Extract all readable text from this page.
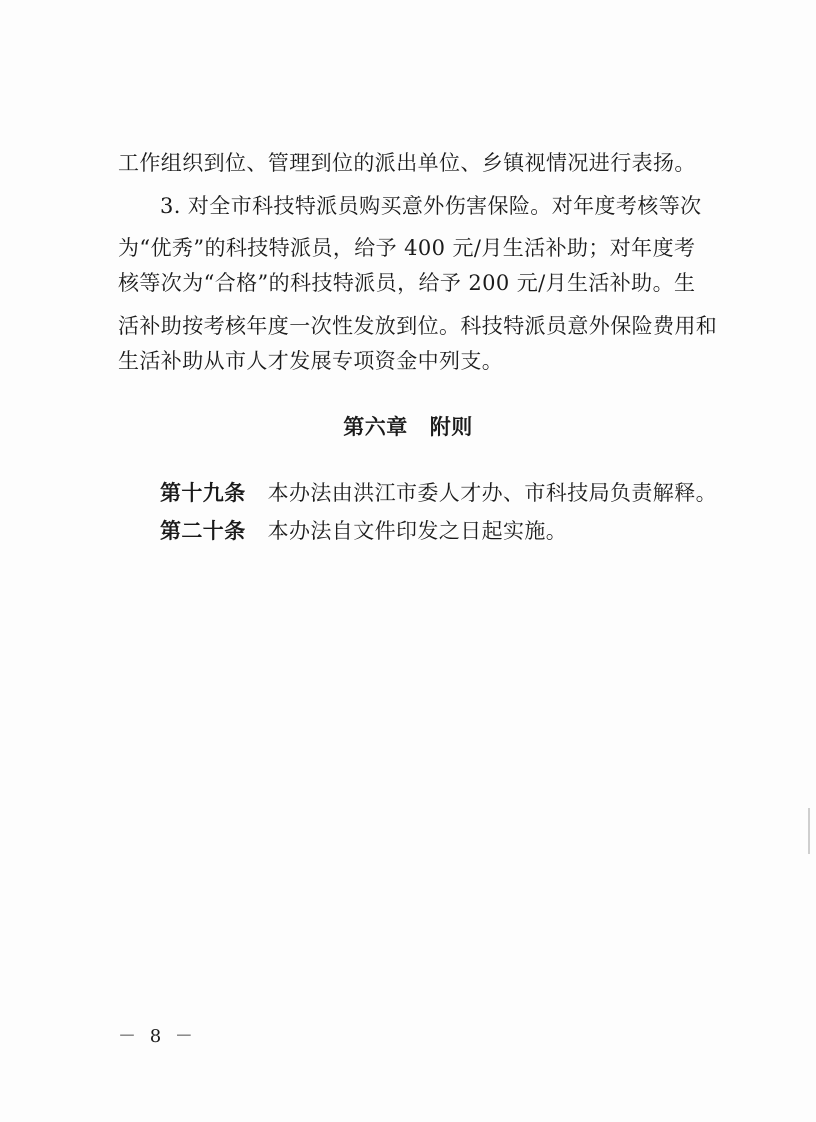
工作组织到位、管理到位的派出单位、乡镇视情况进行表扬。
3. 对全市科技特派员购买意外伤害保险。对年度考核等次
为“优秀”的科技特派员，给予 400 元/月生活补助；对年度考
核等次为“合格”的科技特派员，给予 200 元/月生活补助。生
活补助按考核年度一次性发放到位。科技特派员意外保险费用和
生活补助从市人才发展专项资金中列支。
第六章 附则
第十九条 本办法由洪江市委人才办、市科技局负责解释。
第二十条 本办法自文件印发之日起实施。
－ 8 －
